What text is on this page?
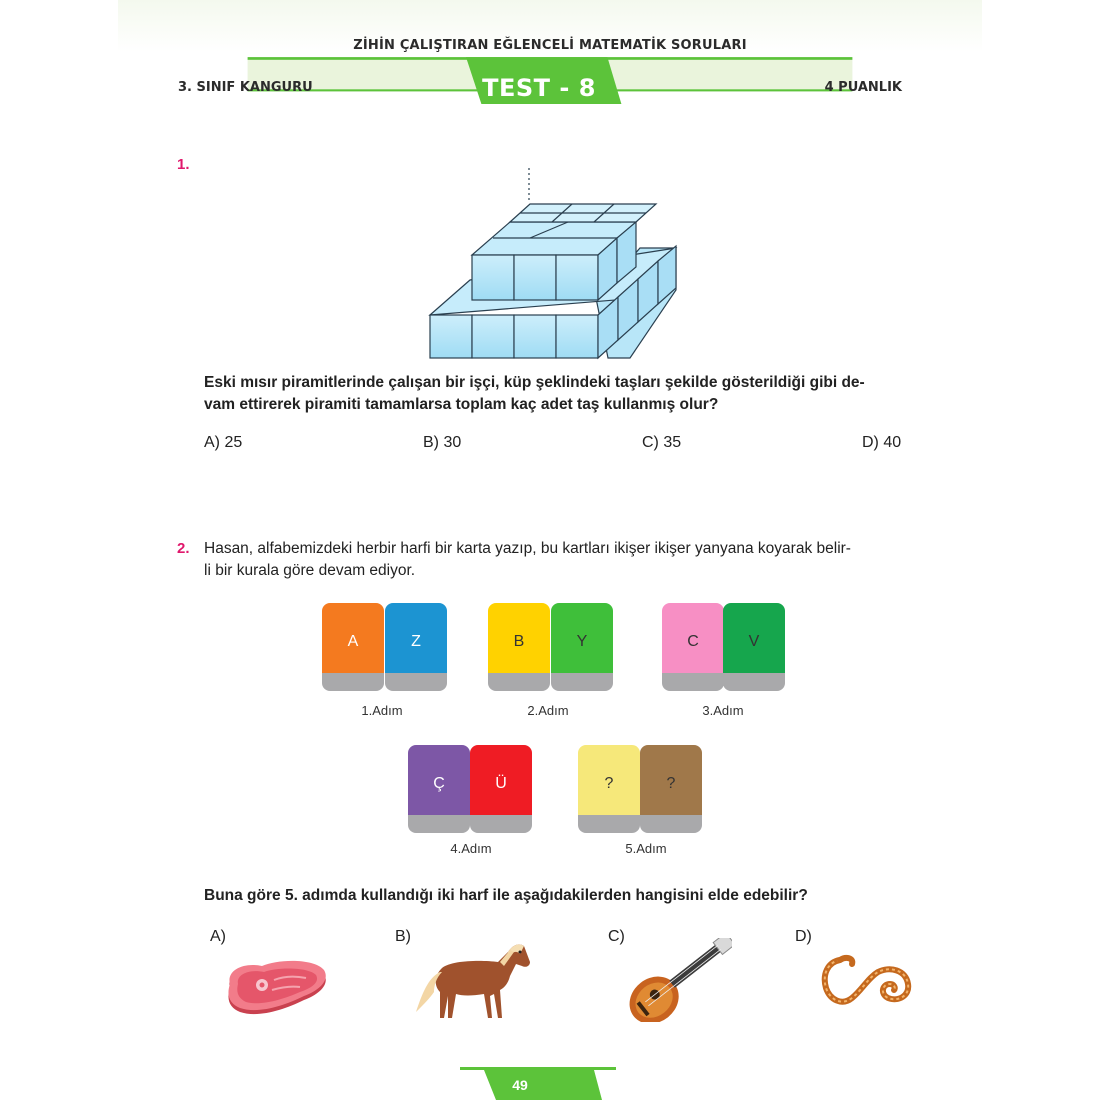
ZİHİN ÇALIŞTIRAN EĞLENCELİ MATEMATİK SORULARI
3. SINIF KANGURU	TEST - 8	4 PUANLIK
1.
Eski mısır piramitlerinde çalışan bir işçi, küp şeklindeki taşları şekilde gösterildiği gibi de-
vam ettirerek piramiti tamamlarsa toplam kaç adet taş kullanmış olur?
A) 25	B) 30	C) 35	D) 40
2. Hasan, alfabemizdeki herbir harfi bir karta yazıp, bu kartları ikişer ikişer yanyana koyarak belir-
li bir kurala göre devam ediyor.
A	Z
1.Adım
B	Y
2.Adım
C	V
3.Adım
Ç	Ü
4.Adım
?	?
5.Adım
Buna göre 5. adımda kullandığı iki harf ile aşağıdakilerden hangisini elde edebilir?
A)	B)	C)	D)
49
